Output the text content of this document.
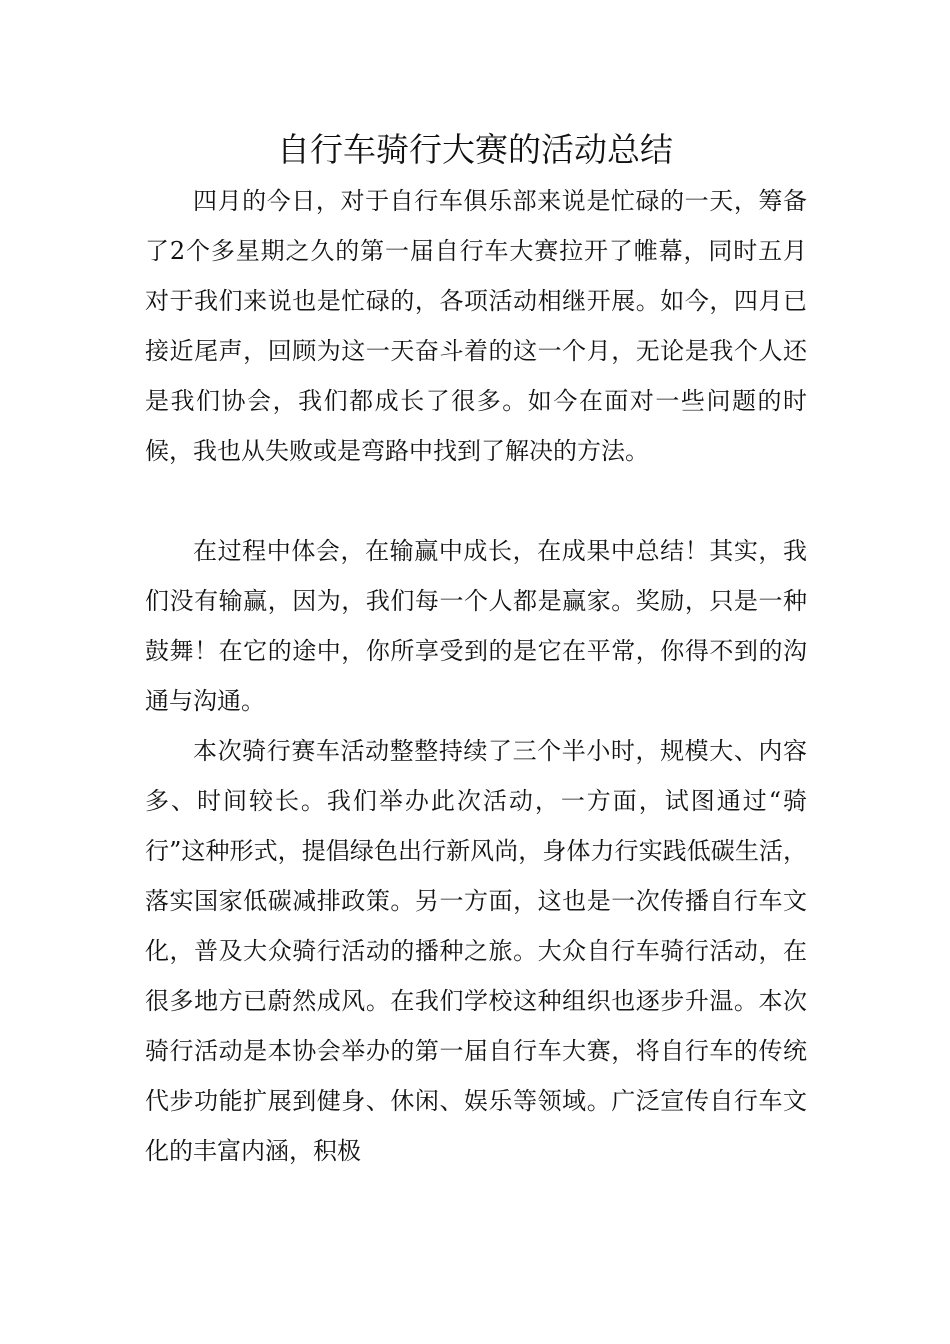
自行车骑行大赛的活动总结

四月的今日，对于自行车俱乐部来说是忙碌的一天，筹备了2个多星期之久的第一届自行车大赛拉开了帷幕，同时五月对于我们来说也是忙碌的，各项活动相继开展。如今，四月已接近尾声，回顾为这一天奋斗着的这一个月，无论是我个人还是我们协会，我们都成长了很多。如今在面对一些问题的时候，我也从失败或是弯路中找到了解决的方法。

在过程中体会，在输赢中成长，在成果中总结！其实，我们没有输赢，因为，我们每一个人都是赢家。奖励，只是一种鼓舞！在它的途中，你所享受到的是它在平常，你得不到的沟通与沟通。

本次骑行赛车活动整整持续了三个半小时，规模大、内容多、时间较长。我们举办此次活动，一方面，试图通过“骑行”这种形式，提倡绿色出行新风尚，身体力行实践低碳生活，落实国家低碳减排政策。另一方面，这也是一次传播自行车文化，普及大众骑行活动的播种之旅。大众自行车骑行活动，在很多地方已蔚然成风。在我们学校这种组织也逐步升温。本次骑行活动是本协会举办的第一届自行车大赛，将自行车的传统代步功能扩展到健身、休闲、娱乐等领域。广泛宣传自行车文化的丰富内涵，积极
